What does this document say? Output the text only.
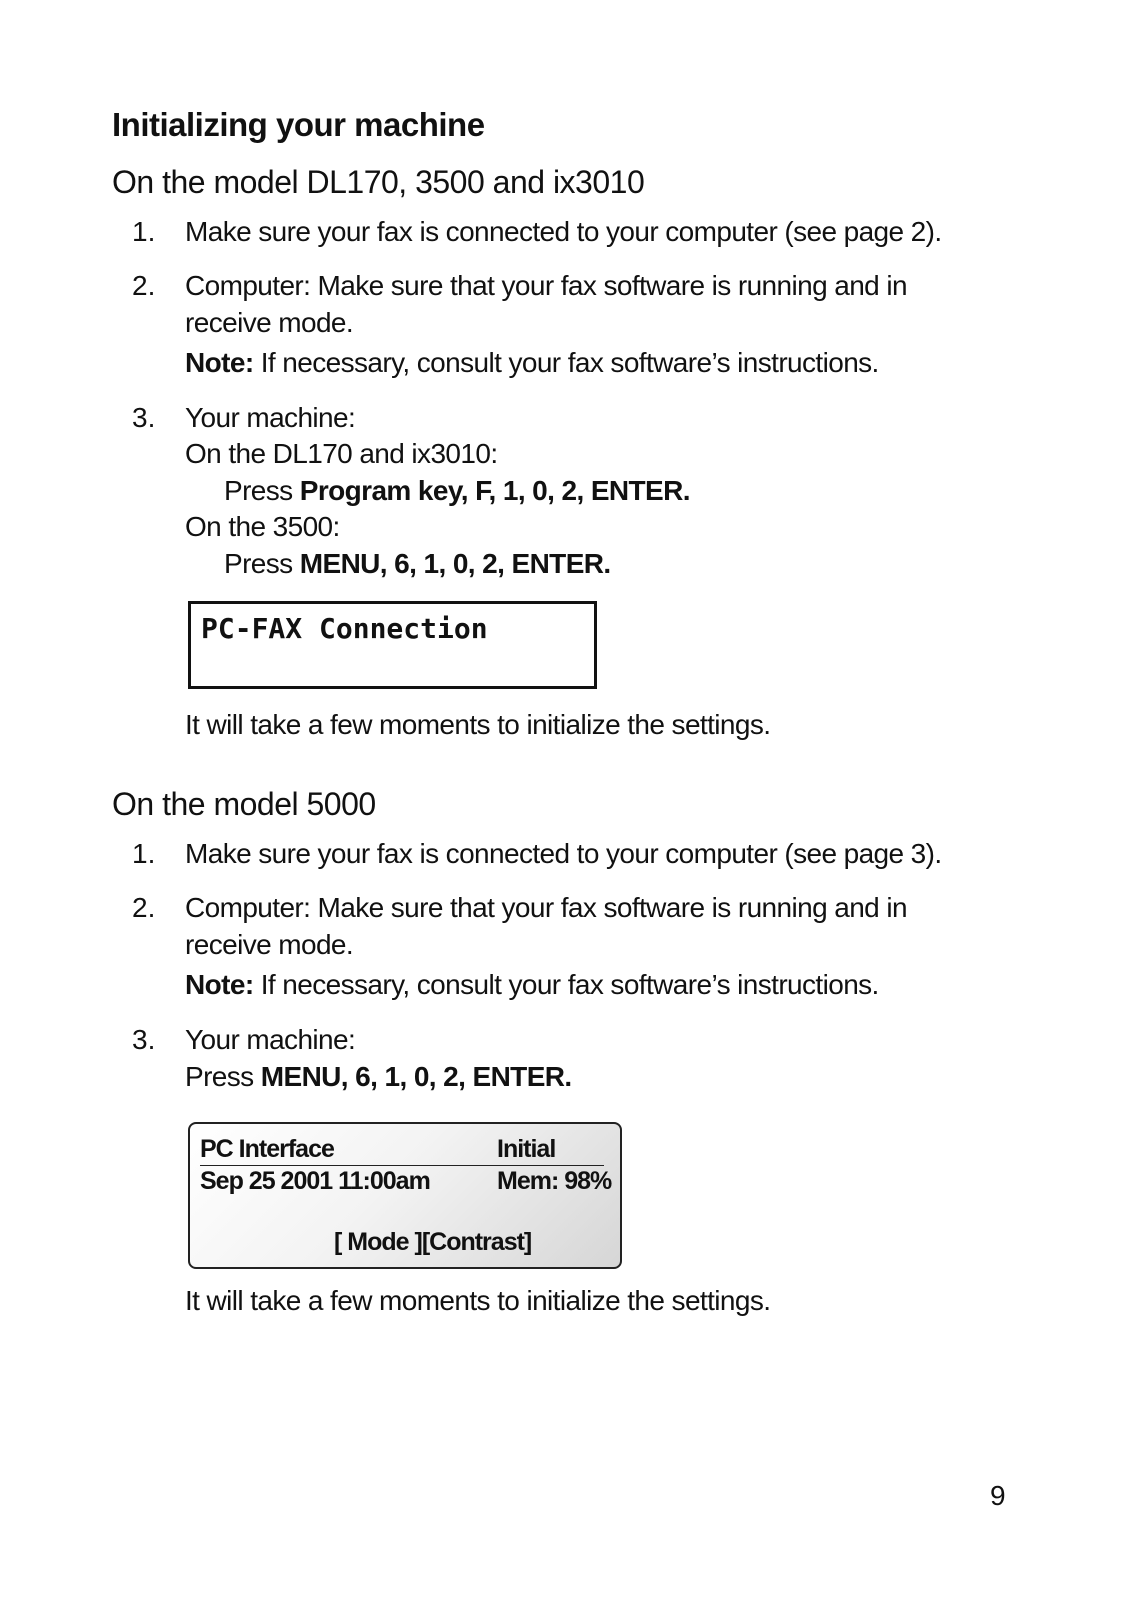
Initializing your machine
On the model DL170, 3500 and ix3010
1. Make sure your fax is connected to your computer (see page 2).
2. Computer: Make sure that your fax software is running and in
receive mode.
Note: If necessary, consult your fax software’s instructions.
3. Your machine:
On the DL170 and ix3010:
Press Program key, F, 1, 0, 2, ENTER.
On the 3500:
Press MENU, 6, 1, 0, 2, ENTER.
PC-FAX Connection
It will take a few moments to initialize the settings.
On the model 5000
1. Make sure your fax is connected to your computer (see page 3).
2. Computer: Make sure that your fax software is running and in
receive mode.
Note: If necessary, consult your fax software’s instructions.
3. Your machine:
Press MENU, 6, 1, 0, 2, ENTER.
PC Interface	Initial
Sep 25 2001 11:00am	Mem: 98%
[ Mode ][Contrast]
It will take a few moments to initialize the settings.
9
